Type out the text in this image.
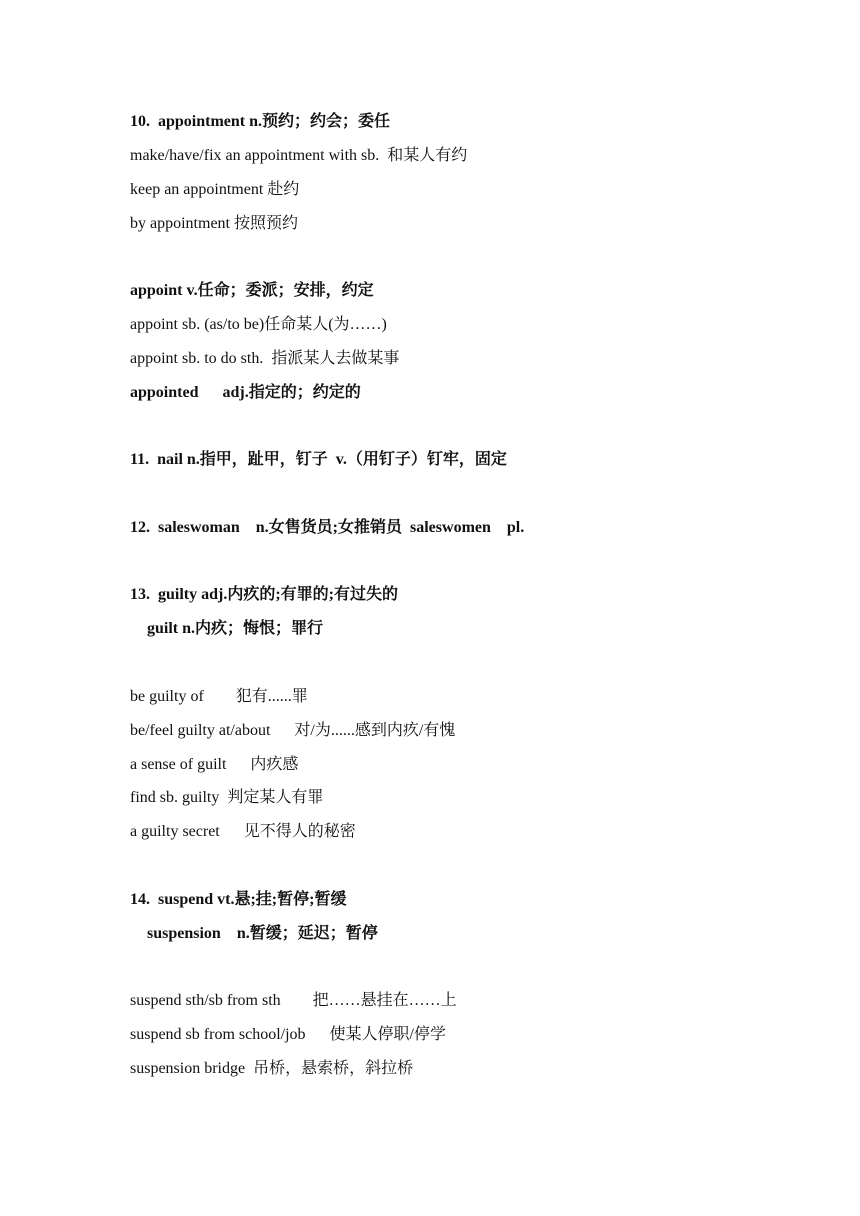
10.  appointment n.预约；约会；委任
make/have/fix an appointment with sb.  和某人有约
keep an appointment 赴约
by appointment 按照预约
appoint v.任命；委派；安排，约定
appoint sb. (as/to be)任命某人(为……)
appoint sb. to do sth.  指派某人去做某事
appointed      adj.指定的；约定的
11.  nail n.指甲，趾甲，钉子  v.（用钉子）钉牢，固定
12.  saleswoman    n.女售货员;女推销员  saleswomen    pl.
13.  guilty adj.内疚的;有罪的;有过失的
guilt n.内疚；悔恨；罪行
be guilty of        犯有......罪
be/feel guilty at/about      对/为......感到内疚/有愧
a sense of guilt      内疚感
find sb. guilty  判定某人有罪
a guilty secret      见不得人的秘密
14.  suspend vt.悬;挂;暂停;暂缓
suspension    n.暂缓；延迟；暂停
suspend sth/sb from sth        把……悬挂在……上
suspend sb from school/job      使某人停职/停学
suspension bridge  吊桥，悬索桥，斜拉桥
